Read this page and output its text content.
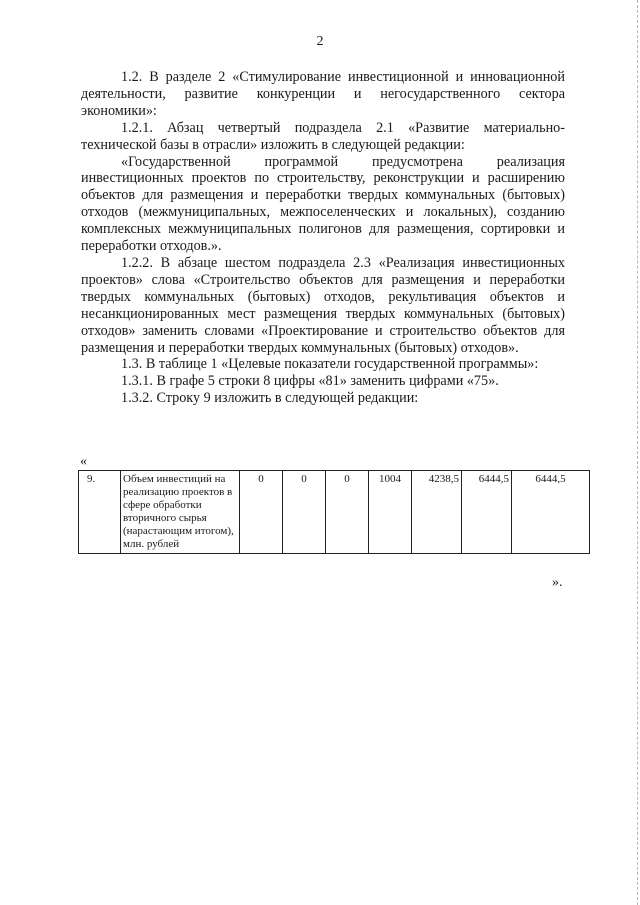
2

1.2. В разделе 2 «Стимулирование инвестиционной и инновационной деятельности, развитие конкуренции и негосударственного сектора экономики»:

1.2.1. Абзац четвертый подраздела 2.1 «Развитие материально-технической базы в отрасли» изложить в следующей редакции:

«Государственной программой предусмотрена реализация инвестиционных проектов по строительству, реконструкции и расширению объектов для размещения и переработки твердых коммунальных (бытовых) отходов (межмуниципальных, межпоселенческих и локальных), созданию комплексных межмуниципальных полигонов для размещения, сортировки и переработки отходов.».

1.2.2. В абзаце шестом подраздела 2.3 «Реализация инвестиционных проектов» слова «Строительство объектов для размещения и переработки твердых коммунальных (бытовых) отходов, рекультивация объектов и несанкционированных мест размещения твердых коммунальных (бытовых) отходов» заменить словами «Проектирование и строительство объектов для размещения и переработки твердых коммунальных (бытовых) отходов».

1.3. В таблице 1 «Целевые показатели государственной программы»:

1.3.1. В графе 5 строки 8 цифры «81» заменить цифрами «75».

1.3.2. Строку 9 изложить в следующей редакции:

«
9.	Объем инвестиций на реализацию проектов в сфере обработки вторичного сырья (нарастающим итогом), млн. рублей	0	0	0	1004	4238,5	6444,5	6444,5
».
